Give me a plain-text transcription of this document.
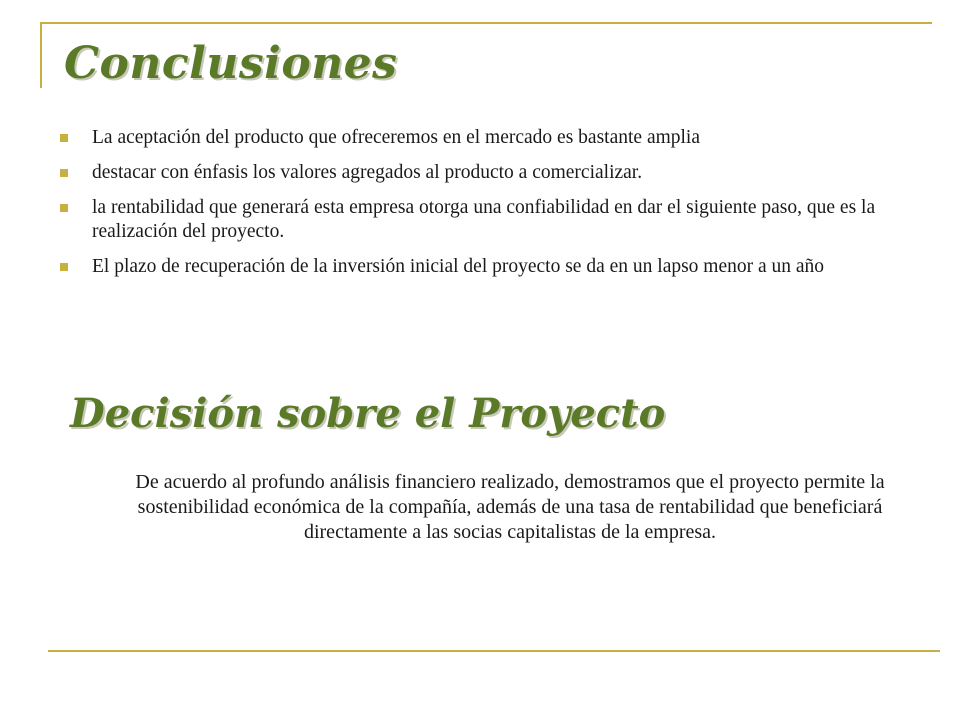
Conclusiones
La aceptación del producto que ofreceremos en el mercado es bastante amplia
destacar con énfasis los valores agregados al producto a comercializar.
la rentabilidad que generará esta empresa otorga una confiabilidad en dar el siguiente paso, que es la realización del proyecto.
El plazo de recuperación de la inversión inicial del proyecto se da en un lapso menor a un año
Decisión sobre el Proyecto

De acuerdo al profundo análisis financiero realizado, demostramos que el proyecto permite la sostenibilidad económica de la compañía, además de una tasa de rentabilidad que beneficiará directamente a las socias capitalistas de la empresa.
